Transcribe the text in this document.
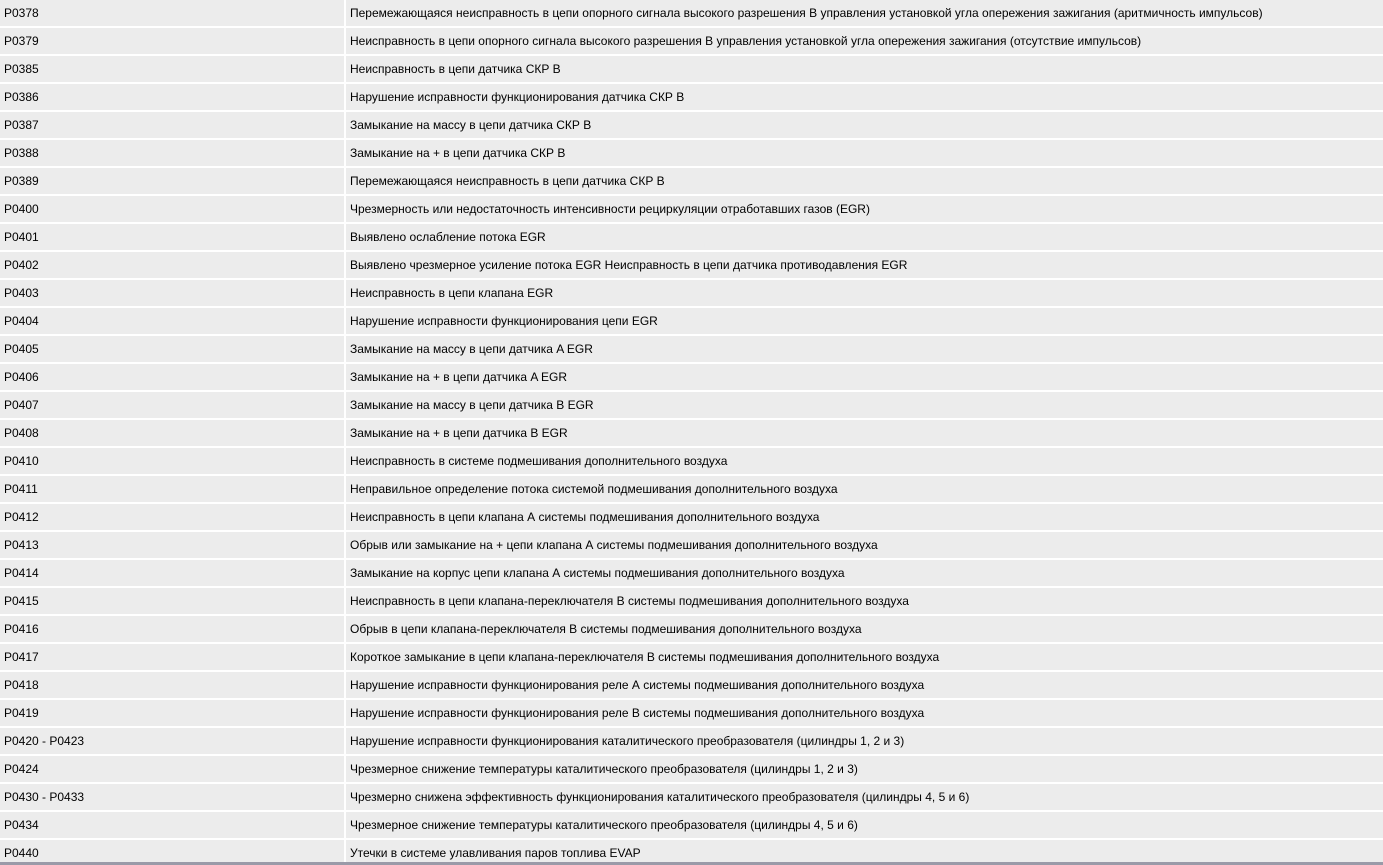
P0378	Перемежающаяся неисправность в цепи опорного сигнала высокого разрешения В управления установкой угла опережения зажигания (аритмичность импульсов)
P0379	Неисправность в цепи опорного сигнала высокого разрешения В управления установкой угла опережения зажигания (отсутствие импульсов)
P0385	Неисправность в цепи датчика СКР В
P0386	Нарушение исправности функционирования датчика СКР В
P0387	Замыкание на массу в цепи датчика СКР В
P0388	Замыкание на + в цепи датчика СКР В
P0389	Перемежающаяся неисправность в цепи датчика СКР В
P0400	Чрезмерность или недостаточность интенсивности рециркуляции отработавших газов (EGR)
P0401	Выявлено ослабление потока EGR
P0402	Выявлено чрезмерное усиление потока EGR Неисправность в цепи датчика противодавления EGR
P0403	Неисправность в цепи клапана EGR
P0404	Нарушение исправности функционирования цепи EGR
P0405	Замыкание на массу в цепи датчика A EGR
P0406	Замыкание на + в цепи датчика A EGR
P0407	Замыкание на массу в цепи датчика В EGR
P0408	Замыкание на + в цепи датчика В EGR
P0410	Неисправность в системе подмешивания дополнительного воздуха
P0411	Неправильное определение потока системой подмешивания дополнительного воздуха
P0412	Неисправность в цепи клапана А системы подмешивания дополнительного воздуха
P0413	Обрыв или замыкание на + цепи клапана А системы подмешивания дополнительного воздуха
P0414	Замыкание на корпус цепи клапана А системы подмешивания дополнительного воздуха
P0415	Неисправность в цепи клапана-переключателя В системы подмешивания дополнительного воздуха
P0416	Обрыв в цепи клапана-переключателя В системы подмешивания дополнительного воздуха
P0417	Короткое замыкание в цепи клапана-переключателя В системы подмешивания дополнительного воздуха
P0418	Нарушение исправности функционирования реле А системы подмешивания дополнительного воздуха
P0419	Нарушение исправности функционирования реле В системы подмешивания дополнительного воздуха
P0420 - P0423	Нарушение исправности функционирования каталитического преобразователя (цилиндры 1, 2 и 3)
P0424	Чрезмерное снижение температуры каталитического преобразователя (цилиндры 1, 2 и 3)
P0430 - P0433	Чрезмерно снижена эффективность функционирования каталитического преобразователя (цилиндры 4, 5 и 6)
P0434	Чрезмерное снижение температуры каталитического преобразователя (цилиндры 4, 5 и 6)
P0440	Утечки в системе улавливания паров топлива EVAP
